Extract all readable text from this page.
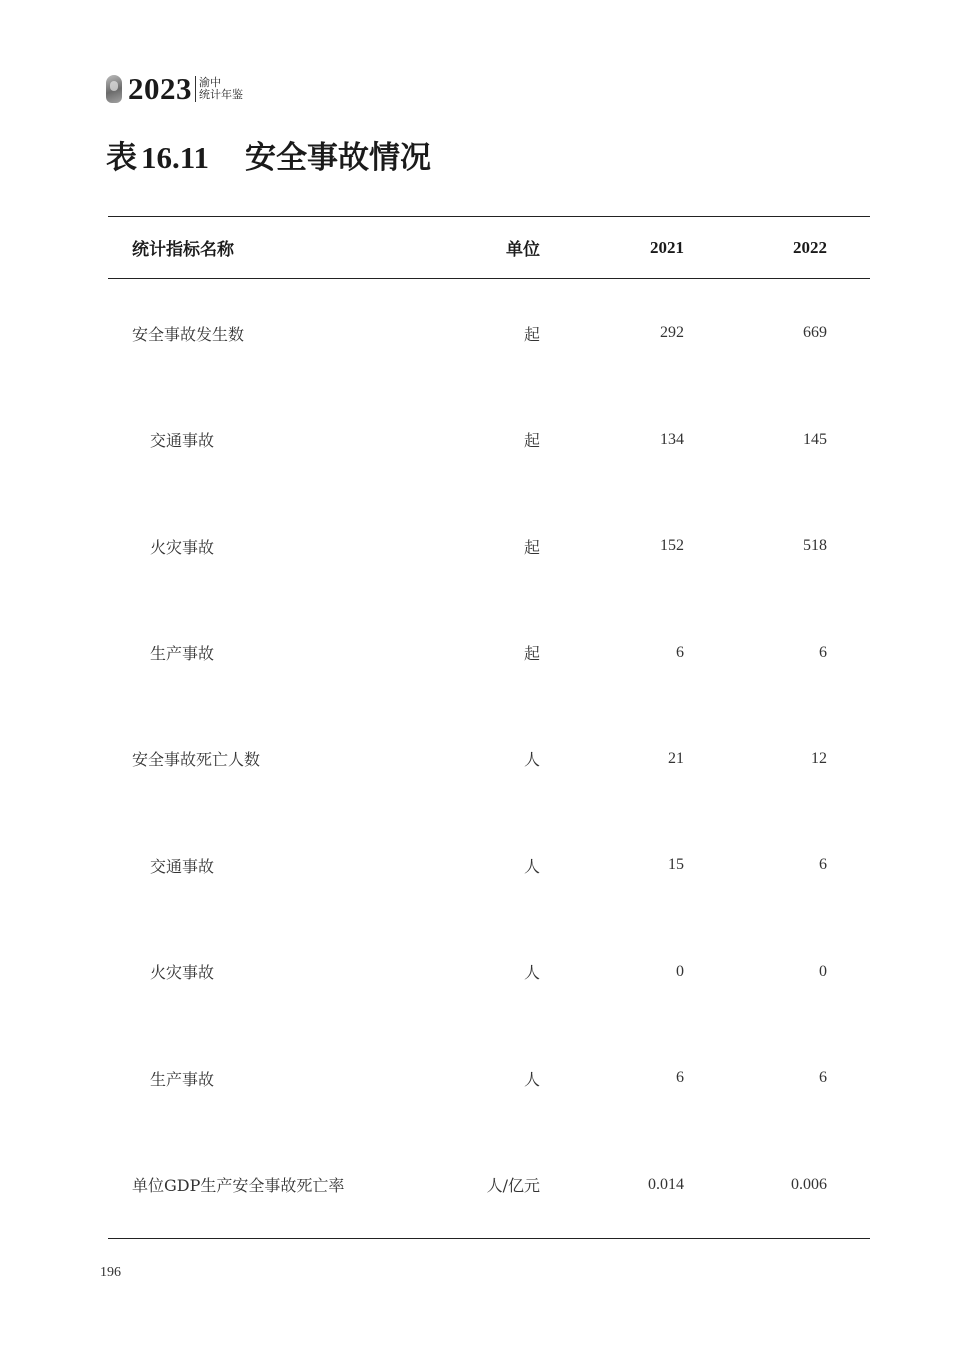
2023 渝中
统计年鉴
表 16.11 安全事故情况
统计指标名称	单位	2021	2022
安全事故发生数	起	292	669
交通事故	起	134	145
火灾事故	起	152	518
生产事故	起	6	6
安全事故死亡人数	人	21	12
交通事故	人	15	6
火灾事故	人	0	0
生产事故	人	6	6
单位GDP生产安全事故死亡率	人/亿元	0.014	0.006
196
